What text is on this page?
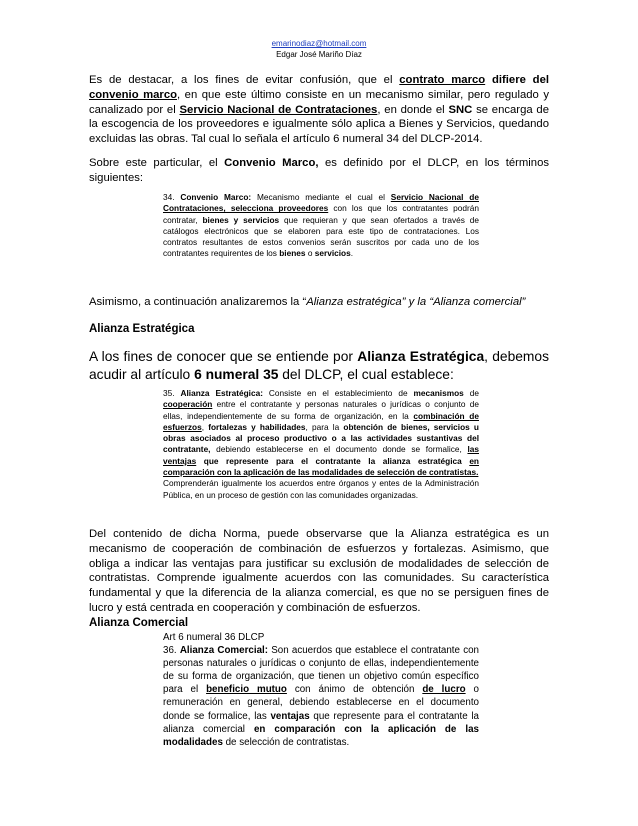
emarinodiaz@hotmail.com
Edgar José Mariño Díaz

Es de destacar, a los fines de evitar confusión, que el contrato marco difiere del convenio marco, en que este último consiste en un mecanismo similar, pero regulado y canalizado por el Servicio Nacional de Contrataciones, en donde el SNC se encarga de la escogencia de los proveedores e igualmente sólo aplica a Bienes y Servicios, quedando excluidas las obras. Tal cual lo señala el artículo 6 numeral 34 del DLCP-2014.

Sobre este particular, el Convenio Marco, es definido por el DLCP, en los términos siguientes:

34. Convenio Marco: Mecanismo mediante el cual el Servicio Nacional de Contrataciones, selecciona proveedores con los que los contratantes podrán contratar, bienes y servicios que requieran y que sean ofertados a través de catálogos electrónicos que se elaboren para este tipo de contrataciones. Los contratos resultantes de estos convenios serán suscritos por cada uno de los contratantes requirentes de los bienes o servicios.

Asimismo, a continuación analizaremos la “Alianza estratégica” y la “Alianza comercial”

Alianza Estratégica

A los fines de conocer que se entiende por Alianza Estratégica, debemos acudir al artículo 6 numeral 35 del DLCP, el cual establece:

35. Alianza Estratégica: Consiste en el establecimiento de mecanismos de cooperación entre el contratante y personas naturales o jurídicas o conjunto de ellas, independientemente de su forma de organización, en la combinación de esfuerzos, fortalezas y habilidades, para la obtención de bienes, servicios u obras asociados al proceso productivo o a las actividades sustantivas del contratante, debiendo establecerse en el documento donde se formalice, las ventajas que represente para el contratante la alianza estratégica en comparación con la aplicación de las modalidades de selección de contratistas.
Comprenderán igualmente los acuerdos entre órganos y entes de la Administración Pública, en un proceso de gestión con las comunidades organizadas.

Del contenido de dicha Norma, puede observarse que la Alianza estratégica es un mecanismo de cooperación de combinación de esfuerzos y fortalezas. Asimismo, que obliga a indicar las ventajas para justificar su exclusión de modalidades de selección de contratistas. Comprende igualmente acuerdos con las comunidades. Su característica fundamental y que la diferencia de la alianza comercial, es que no se persiguen fines de lucro y está centrada en cooperación y combinación de esfuerzos.

Alianza Comercial

Art 6 numeral 36 DLCP
36. Alianza Comercial: Son acuerdos que establece el contratante con personas naturales o jurídicas o conjunto de ellas, independientemente de su forma de organización, que tienen un objetivo común específico para el beneficio mutuo con ánimo de obtención de lucro o remuneración en general, debiendo establecerse en el documento donde se formalice, las ventajas que represente para el contratante la alianza comercial en comparación con la aplicación de las modalidades de selección de contratistas.
